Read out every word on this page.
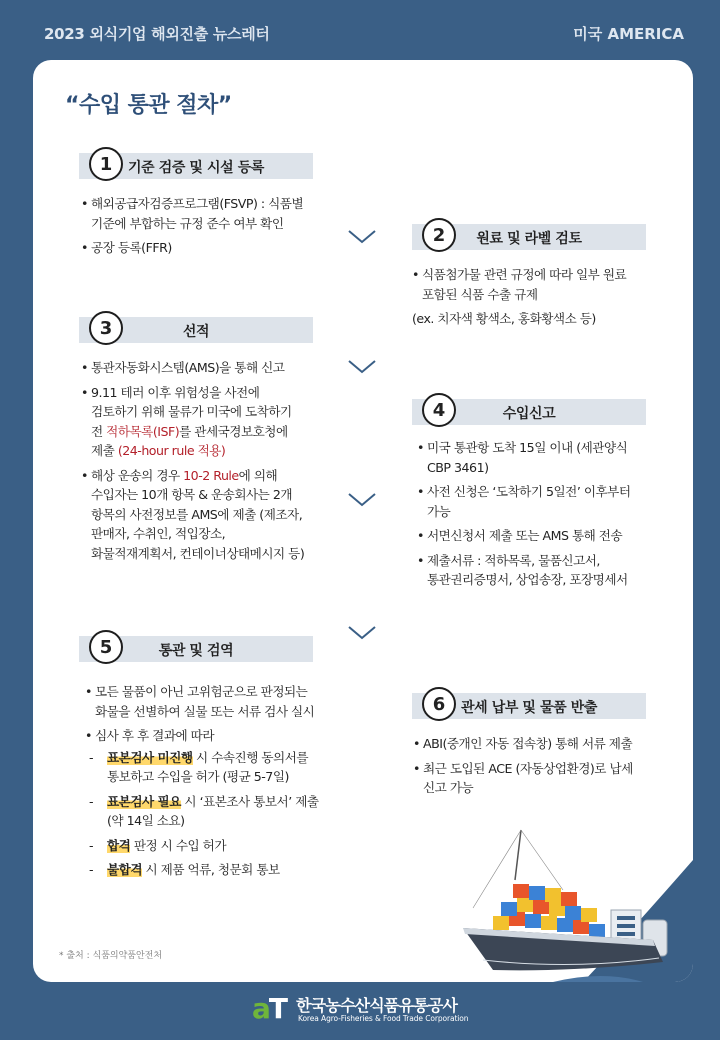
2023 외식기업 해외진출 뉴스레터	미국 AMERICA
“수입 통관 절차”
1	기준 검증 및 시설 등록
• 해외공급자검증프로그램(FSVP) : 식품별
기준에 부합하는 규정 준수 여부 확인
• 공장 등록(FFR)
2	원료 및 라벨 검토
• 식품첨가물 관련 규정에 따라 일부 원료
포함된 식품 수출 규제
(ex. 치자색 황색소, 홍화황색소 등)
3	선적
• 통관자동화시스템(AMS)을 통해 신고
• 9.11 테러 이후 위험성을 사전에
검토하기 위해 물류가 미국에 도착하기
전 적하목록(ISF)를 관세국경보호청에
제출 (24-hour rule 적용)
• 해상 운송의 경우 10-2 Rule에 의해
수입자는 10개 항목 & 운송회사는 2개
항목의 사전정보를 AMS에 제출 (제조자,
판매자, 수취인, 적입장소,
화물적재계획서, 컨테이너상태메시지 등)
4	수입신고
• 미국 통관항 도착 15일 이내 (세관양식
CBP 3461)
• 사전 신청은 ‘도착하기 5일전’ 이후부터
가능
• 서면신청서 제출 또는 AMS 통해 전송
• 제출서류 : 적하목록, 물품신고서,
통관권리증명서, 상업송장, 포장명세서
5	통관 및 검역
• 모든 물품이 아닌 고위험군으로 판정되는
화물을 선별하여 실물 또는 서류 검사 실시
• 심사 후 후 결과에 따라
- 표본검사 미진행 시 수속진행 동의서를
통보하고 수입을 허가 (평균 5-7일)
- 표본검사 필요 시 ‘표본조사 통보서’ 제출
(약 14일 소요)
- 합격 판정 시 수입 허가
- 불합격 시 제품 억류, 청문회 통보
6	관세 납부 및 물품 반출
• ABI(중개인 자동 접속창) 통해 서류 제출
• 최근 도입된 ACE (자동상업환경)로 납세
신고 가능
* 출처 : 식품의약품안전처
aT 한국농수산식품유통공사
Korea Agro-Fisheries & Food Trade Corporation
